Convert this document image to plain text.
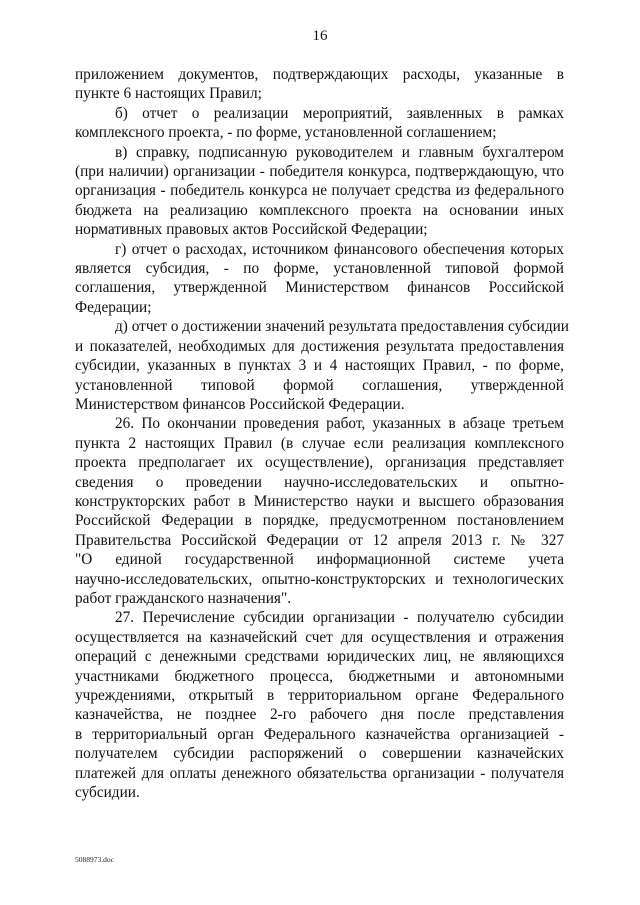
16
приложением документов, подтверждающих расходы, указанные в
пункте 6 настоящих Правил;
б) отчет о реализации мероприятий, заявленных в рамках
комплексного проекта, - по форме, установленной соглашением;
в) справку, подписанную руководителем и главным бухгалтером
(при наличии) организации - победителя конкурса, подтверждающую, что
организация - победитель конкурса не получает средства из федерального
бюджета на реализацию комплексного проекта на основании иных
нормативных правовых актов Российской Федерации;
г) отчет о расходах, источником финансового обеспечения которых
является субсидия, - по форме, установленной типовой формой
соглашения, утвержденной Министерством финансов Российской
Федерации;
д) отчет о достижении значений результата предоставления субсидии
и показателей, необходимых для достижения результата предоставления
субсидии, указанных в пунктах 3 и 4 настоящих Правил, - по форме,
установленной типовой формой соглашения, утвержденной
Министерством финансов Российской Федерации.
26. По окончании проведения работ, указанных в абзаце третьем
пункта 2 настоящих Правил (в случае если реализация комплексного
проекта предполагает их осуществление), организация представляет
сведения о проведении научно-исследовательских и опытно-
конструкторских работ в Министерство науки и высшего образования
Российской Федерации в порядке, предусмотренном постановлением
Правительства Российской Федерации от 12 апреля 2013 г. № 327
"О единой государственной информационной системе учета
научно-исследовательских, опытно-конструкторских и технологических
работ гражданского назначения".
27. Перечисление субсидии организации - получателю субсидии
осуществляется на казначейский счет для осуществления и отражения
операций с денежными средствами юридических лиц, не являющихся
участниками бюджетного процесса, бюджетными и автономными
учреждениями, открытый в территориальном органе Федерального
казначейства, не позднее 2-го рабочего дня после представления
в территориальный орган Федерального казначейства организацией -
получателем субсидии распоряжений о совершении казначейских
платежей для оплаты денежного обязательства организации - получателя
субсидии.
5088973.doc
